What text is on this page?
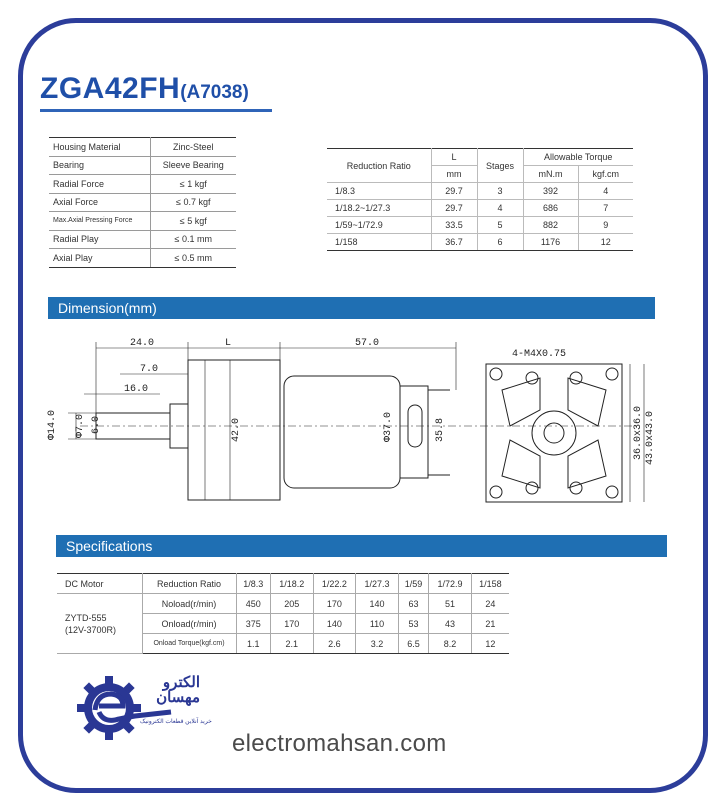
ZGA42FH(A7038)
Housing Material	Zinc-Steel
Bearing	Sleeve Bearing
Radial Force	≤ 1 kgf
Axial Force	≤ 0.7 kgf
Max.Axial Pressing Force	≤ 5 kgf
Radial Play	≤ 0.1 mm
Axial Play	≤ 0.5 mm
Reduction Ratio	L	Stages	Allowable Torque	
	mm		mN.m	kgf.cm
1/8.3	29.7	3	392	4
1/18.2~1/27.3	29.7	4	686	7
1/59~1/72.9	33.5	5	882	9
1/158	36.7	6	1176	12
Dimension(mm)
24.0	L	57.0
7.0
16.0
Φ14.0 Φ7.0 6.0	42.0	Φ37.0	35.8
4-M4X0.75
36.0x36.0 43.0x43.0
Specifications
DC Motor	Reduction Ratio	1/8.3	1/18.2	1/22.2	1/27.3	1/59	1/72.9	1/158

ZYTD-555
(12V-3700R)	Noload(r/min)	450	205	170	140	63	51	24
	Onload(r/min)	375	170	140	110	53	43	21
	Onload Torque(kgf.cm)	1.1	2.1	2.6	3.2	6.5	8.2	12
الکترو
مهسان
خرید آنلاین قطعات الکترونیک
electromahsan.com
